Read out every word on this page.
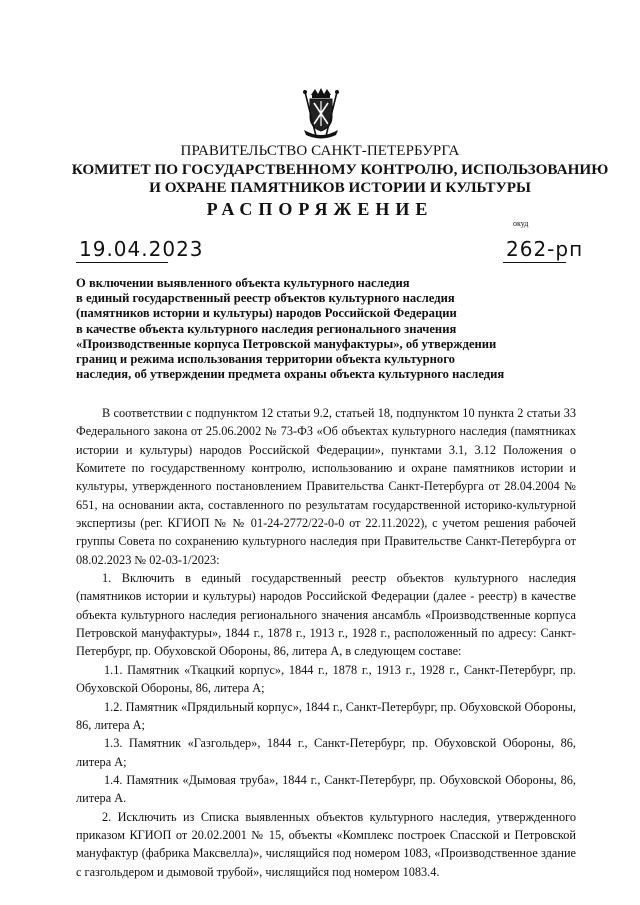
ПРАВИТЕЛЬСТВО САНКТ-ПЕТЕРБУРГА
КОМИТЕТ ПО ГОСУДАРСТВЕННОМУ КОНТРОЛЮ, ИСПОЛЬЗОВАНИЮ
И ОХРАНЕ ПАМЯТНИКОВ ИСТОРИИ И КУЛЬТУРЫ
РАСПОРЯЖЕНИЕ
окуд
19.04.2023	262-рп
О включении выявленного объекта культурного наследия
в единый государственный реестр объектов культурного наследия
(памятников истории и культуры) народов Российской Федерации
в качестве объекта культурного наследия регионального значения
«Производственные корпуса Петровской мануфактуры», об утверждении
границ и режима использования территории объекта культурного
наследия, об утверждении предмета охраны объекта культурного наследия

В соответствии с подпунктом 12 статьи 9.2, статьей 18, подпунктом 10 пункта 2 статьи 33 Федерального закона от 25.06.2002 № 73-ФЗ «Об объектах культурного наследия (памятниках истории и культуры) народов Российской Федерации», пунктами 3.1, 3.12 Положения о Комитете по государственному контролю, использованию и охране памятников истории и культуры, утвержденного постановлением Правительства Санкт-Петербурга от 28.04.2004 № 651, на основании акта, составленного по результатам государственной историко-культурной экспертизы (рег. КГИОП № № 01-24-2772/22-0-0 от 22.11.2022), с учетом решения рабочей группы Совета по сохранению культурного наследия при Правительстве Санкт-Петербурга от 08.02.2023 № 02-03-1/2023:

1. Включить в единый государственный реестр объектов культурного наследия (памятников истории и культуры) народов Российской Федерации (далее - реестр) в качестве объекта культурного наследия регионального значения ансамбль «Производственные корпуса Петровской мануфактуры», 1844 г., 1878 г., 1913 г., 1928 г., расположенный по адресу: Санкт-Петербург, пр. Обуховской Обороны, 86, литера А, в следующем составе:

1.1. Памятник «Ткацкий корпус», 1844 г., 1878 г., 1913 г., 1928 г., Санкт-Петербург, пр. Обуховской Обороны, 86, литера А;

1.2. Памятник «Прядильный корпус», 1844 г., Санкт-Петербург, пр. Обуховской Обороны, 86, литера А;

1.3. Памятник «Газгольдер», 1844 г., Санкт-Петербург, пр. Обуховской Обороны, 86, литера А;

1.4. Памятник «Дымовая труба», 1844 г., Санкт-Петербург, пр. Обуховской Обороны, 86, литера А.

2. Исключить из Списка выявленных объектов культурного наследия, утвержденного приказом КГИОП от 20.02.2001 № 15, объекты «Комплекс построек Спасской и Петровской мануфактур (фабрика Максвелла)», числящийся под номером 1083, «Производственное здание с газгольдером и дымовой трубой», числящийся под номером 1083.4.
